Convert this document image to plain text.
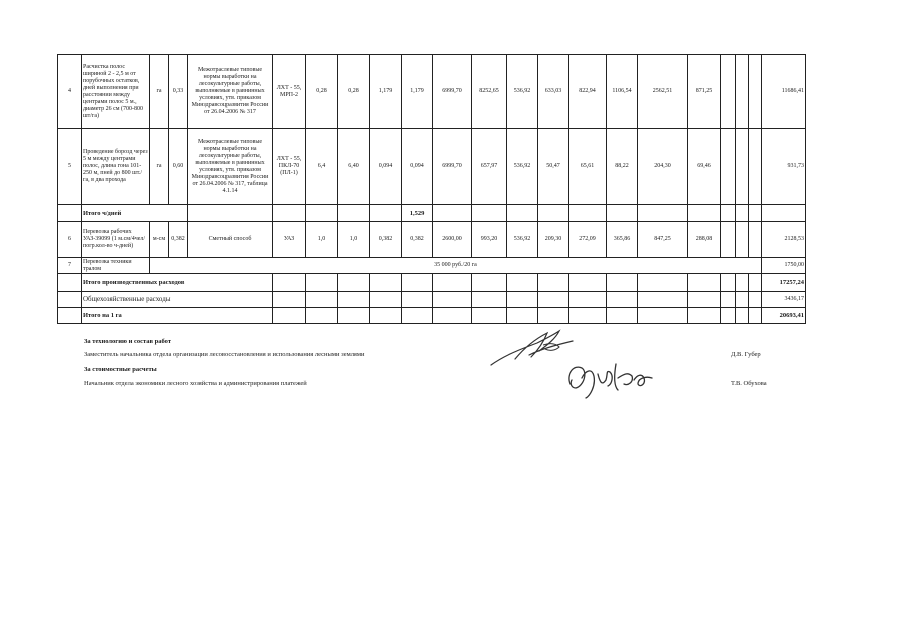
4	Расчистка полос шириной 2 - 2,5 м от порубочных остатков, дней выполнения при расстоянии между центрами полос 5 м., диаметр 26 см (700-800 шт/га)	га	0,33	Межотраслевые типовые нормы выработки на лесокультурные работы, выполняемые в равнинных условиях, утв. приказом Минздравсоцразвития России от 26.04.2006 № 317	ЛХТ - 55, МРП-2	0,28	0,28	1,179	1,179	6999,70	8252,65	536,92	633,03	822,94	1106,54	2562,51	871,25				11686,41
5	Проведение борозд через 5 м между центрами полос, длина гона 101-250 м, пней до 800 шт./га, в два прохода	га	0,60	Межотраслевые типовые нормы выработки на лесокультурные работы, выполняемые в равнинных условиях, утв. приказом Минздравсоцразвития России от 26.04.2006 № 317, таблица 4.1.14	ЛХТ - 55, ПКЛ-70 (ПЛ-1)	6,4	6,40	0,094	0,094	6999,70	657,97	536,92	50,47	65,61	88,22	204,30	69,46				931,73
	Итого ч/дней								1,529												
6	Перевозка рабочих УАЗ-39099 (1 м.см/4чел/погр.кол-во ч-дней)	м-см	0,382	Сметный способ	УАЗ	1,0	1,0	0,382	0,382	2600,00	993,20	536,92	209,30	272,09	365,86	847,25	288,08				2128,53
7	Перевозка техники тралом	35 000 руб./20 га																			1750,00
	Итого производственных расходов																				17257,24
	Общехозяйственные расходы																				3436,17
	Итого на 1 га																				20693,41
За технологию и состав работ
Заместитель начальника отдела организации лесовосстановления и использования лесными землями	Д.В. Губер
За стоимостные расчеты
Начальник отдела экономики лесного хозяйства и администрирования платежей	Т.В. Обухова
